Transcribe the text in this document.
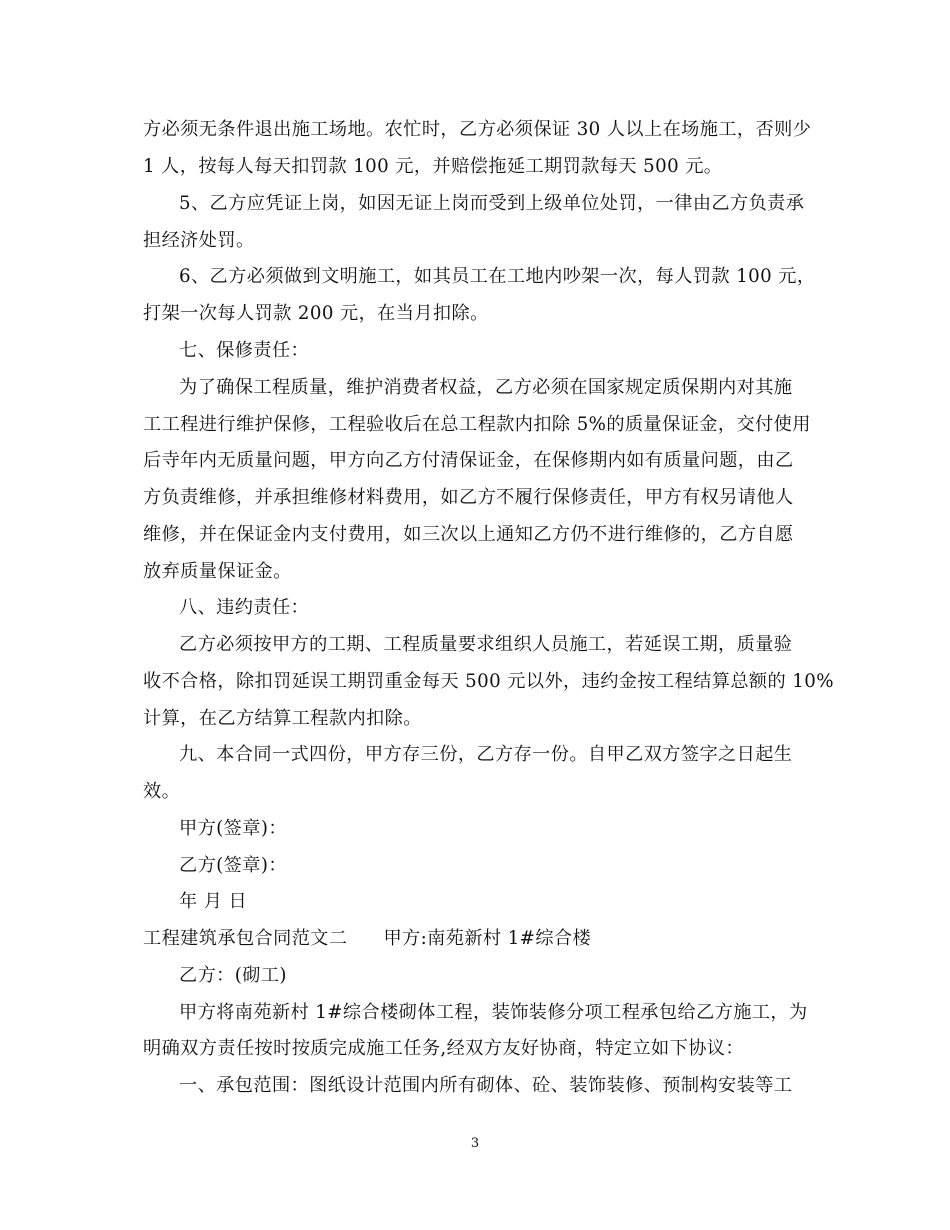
方必须无条件退出施工场地。农忙时，乙方必须保证 30 人以上在场施工，否则少
1 人，按每人每天扣罚款 100 元，并赔偿拖延工期罚款每天 500 元。
5、乙方应凭证上岗，如因无证上岗而受到上级单位处罚，一律由乙方负责承
担经济处罚。
6、乙方必须做到文明施工，如其员工在工地内吵架一次，每人罚款 100 元，
打架一次每人罚款 200 元，在当月扣除。
七、保修责任：
为了确保工程质量，维护消费者权益，乙方必须在国家规定质保期内对其施
工工程进行维护保修，工程验收后在总工程款内扣除 5%的质量保证金，交付使用
后寺年内无质量问题，甲方向乙方付清保证金，在保修期内如有质量问题，由乙
方负责维修，并承担维修材料费用，如乙方不履行保修责任，甲方有权另请他人
维修，并在保证金内支付费用，如三次以上通知乙方仍不进行维修的，乙方自愿
放弃质量保证金。
八、违约责任：
乙方必须按甲方的工期、工程质量要求组织人员施工，若延误工期，质量验
收不合格，除扣罚延误工期罚重金每天 500 元以外，违约金按工程结算总额的 10%
计算，在乙方结算工程款内扣除。
九、本合同一式四份，甲方存三份，乙方存一份。自甲乙双方签字之日起生
效。
甲方(签章)：
乙方(签章)：
年 月 日
工程建筑承包合同范文二 甲方:南苑新村 1#综合楼
乙方：(砌工)
甲方将南苑新村 1#综合楼砌体工程，装饰装修分项工程承包给乙方施工，为
明确双方责任按时按质完成施工任务,经双方友好协商，特定立如下协议：
一、承包范围：图纸设计范围内所有砌体、砼、装饰装修、预制构安装等工
3
